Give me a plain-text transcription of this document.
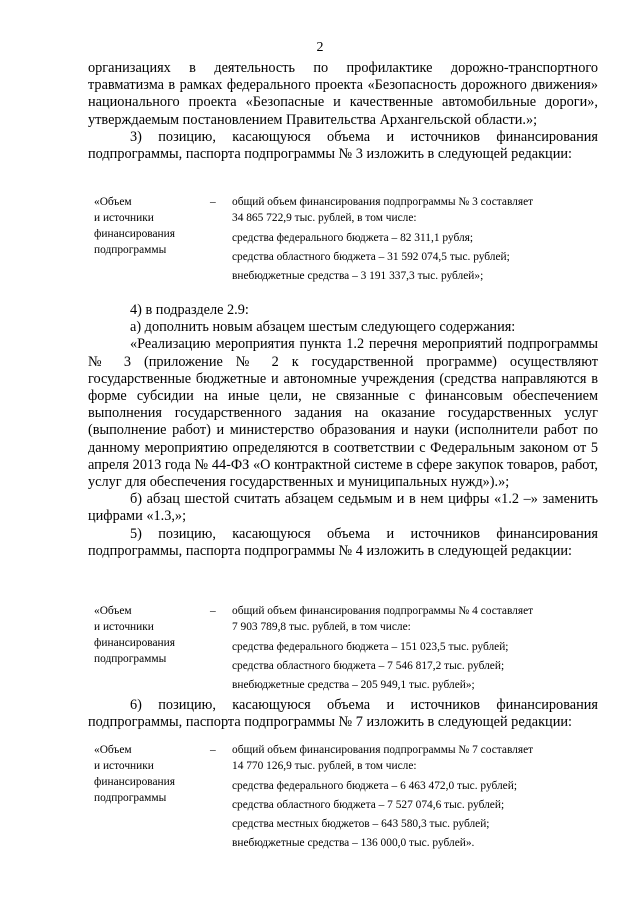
2

организациях в деятельность по профилактике дорожно-транспортного травматизма в рамках федерального проекта «Безопасность дорожного движения» национального проекта «Безопасные и качественные автомобильные дороги», утверждаемым постановлением Правительства Архангельской области.»;

3) позицию, касающуюся объема и источников финансирования подпрограммы, паспорта подпрограммы № 3 изложить в следующей редакции:

«Объем
и источники
финансирования
подпрограммы
– общий объем финансирования подпрограммы № 3 составляет
34 865 722,9 тыс. рублей, в том числе:
средства федерального бюджета – 82 311,1 рубля;
средства областного бюджета – 31 592 074,5 тыс. рублей;
внебюджетные средства – 3 191 337,3 тыс. рублей»;

4) в подразделе 2.9:

а) дополнить новым абзацем шестым следующего содержания:

«Реализацию мероприятия пункта 1.2 перечня мероприятий подпрограммы № 3 (приложение № 2 к государственной программе) осуществляют государственные бюджетные и автономные учреждения (средства направляются в форме субсидии на иные цели, не связанные с финансовым обеспечением выполнения государственного задания на оказание государственных услуг (выполнение работ) и министерство образования и науки (исполнители работ по данному мероприятию определяются в соответствии с Федеральным законом от 5 апреля 2013 года № 44-ФЗ «О контрактной системе в сфере закупок товаров, работ, услуг для обеспечения государственных и муниципальных нужд»).»;

б) абзац шестой считать абзацем седьмым и в нем цифры «1.2 –» заменить цифрами «1.3,»;

5) позицию, касающуюся объема и источников финансирования подпрограммы, паспорта подпрограммы № 4 изложить в следующей редакции:

«Объем
и источники
финансирования
подпрограммы
– общий объем финансирования подпрограммы № 4 составляет
7 903 789,8 тыс. рублей, в том числе:
средства федерального бюджета – 151 023,5 тыс. рублей;
средства областного бюджета – 7 546 817,2 тыс. рублей;
внебюджетные средства – 205 949,1 тыс. рублей»;

6) позицию, касающуюся объема и источников финансирования подпрограммы, паспорта подпрограммы № 7 изложить в следующей редакции:

«Объем
и источники
финансирования
подпрограммы
– общий объем финансирования подпрограммы № 7 составляет
14 770 126,9 тыс. рублей, в том числе:
средства федерального бюджета – 6 463 472,0 тыс. рублей;
средства областного бюджета – 7 527 074,6 тыс. рублей;
средства местных бюджетов – 643 580,3 тыс. рублей;
внебюджетные средства – 136 000,0 тыс. рублей».
